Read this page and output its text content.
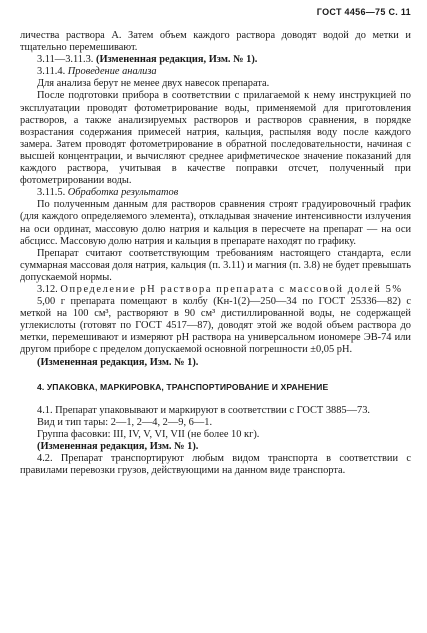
ГОСТ 4456—75 С. 11

личества раствора А. Затем объем каждого раствора доводят водой до метки и тщательно перемешивают.

3.11—3.11.3. (Измененная редакция, Изм. № 1).

3.11.4. Проведение анализа

Для анализа берут не менее двух навесок препарата.

После подготовки прибора в соответствии с прилагаемой к нему инструкцией по эксплуатации проводят фотометрирование воды, применяемой для приготовления растворов, а также анализируемых растворов и растворов сравнения, в порядке возрастания содержания примесей натрия, кальция, распыляя воду после каждого замера. Затем проводят фотометрирование в обратной последовательности, начиная с высшей концентрации, и вычисляют среднее арифметическое значение показаний для каждого раствора, учитывая в качестве поправки отсчет, полученный при фотометрировании воды.

3.11.5. Обработка результатов

По полученным данным для растворов сравнения строят градуировочный график (для каждого определяемого элемента), откладывая значение интенсивности излучения на оси ординат, массовую долю натрия и кальция в пересчете на препарат — на оси абсцисс. Массовую долю натрия и кальция в препарате находят по графику.

Препарат считают соответствующим требованиям настоящего стандарта, если суммарная массовая доля натрия, кальция (п. 3.11) и магния (п. 3.8) не будет превышать допускаемой нормы.

3.12. Определение pH раствора препарата с массовой долей 5%

5,00 г препарата помещают в колбу (Кн-1(2)—250—34 по ГОСТ 25336—82) с меткой на 100 см³, растворяют в 90 см³ дистиллированной воды, не содержащей углекислоты (готовят по ГОСТ 4517—87), доводят этой же водой объем раствора до метки, перемешивают и измеряют pH раствора на универсальном иономере ЭВ-74 или другом приборе с пределом допускаемой основной погрешности ±0,05 pH.

(Измененная редакция, Изм. № 1).

4. УПАКОВКА, МАРКИРОВКА, ТРАНСПОРТИРОВАНИЕ И ХРАНЕНИЕ

4.1. Препарат упаковывают и маркируют в соответствии с ГОСТ 3885—73.

Вид и тип тары: 2—1, 2—4, 2—9, 6—1.

Группа фасовки: III, IV, V, VI, VII (не более 10 кг).

(Измененная редакция, Изм. № 1).

4.2. Препарат транспортируют любым видом транспорта в соответствии с правилами перевозки грузов, действующими на данном виде транспорта.
